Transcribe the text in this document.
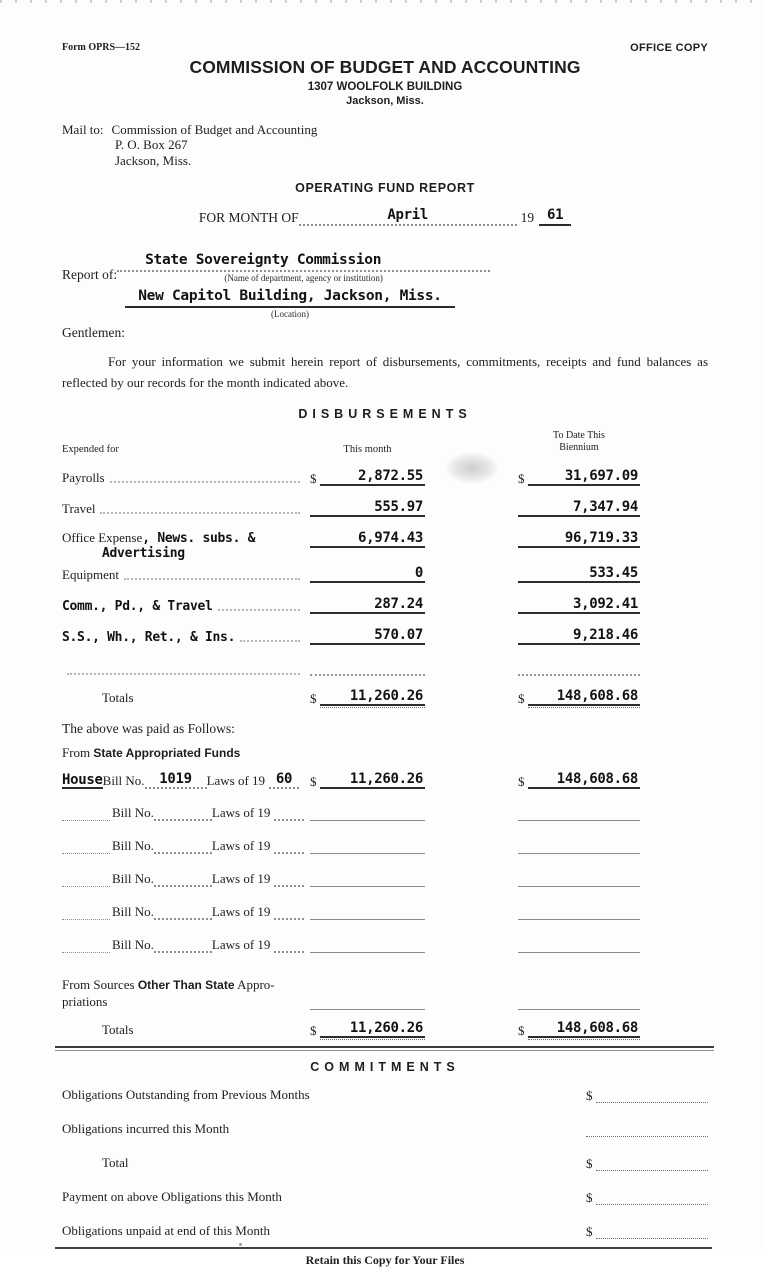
Form OPRS—152	OFFICE COPY
COMMISSION OF BUDGET AND ACCOUNTING
1307 WOOLFOLK BUILDING
Jackson, Miss.
Mail to: Commission of Budget and Accounting
P. O. Box 267
Jackson, Miss.
OPERATING FUND REPORT
FOR MONTH OF	April	19 61
Report of:
State Sovereignty Commission
(Name of department, agency or institution)
New Capitol Building, Jackson, Miss.
(Location)
Gentlemen:
For your information we submit herein report of disbursements, commitments, receipts and fund balances as reflected by our records for the month indicated above.
DISBURSEMENTS
Expended for	This month
To Date This
Biennium
Payrolls	$	2,872.55	$	31,697.09
Travel	555.97	7,347.94
Office Expense , News. subs. &
Advertising
6,974.43	96,719.33
Equipment	0	533.45
Comm., Pd., & Travel	287.24	3,092.41
S.S., Wh., Ret., & Ins.	570.07	9,218.46
Totals	$	11,260.26	$	148,608.68
The above was paid as Follows:
From State Appropriated Funds
House Bill No.	1019	Laws of 19 60	$	11,260.26	$	148,608.68
Bill No.	Laws of 19
Bill No.	Laws of 19
Bill No.	Laws of 19
Bill No.	Laws of 19
Bill No.	Laws of 19
From Sources Other Than State Appro-
priations
Totals	$	11,260.26	$	148,608.68
COMMITMENTS
Obligations Outstanding from Previous Months	$
Obligations incurred this Month
Total	$
Payment on above Obligations this Month	$
Obligations unpaid at end of this Month	$
Retain this Copy for Your Files
